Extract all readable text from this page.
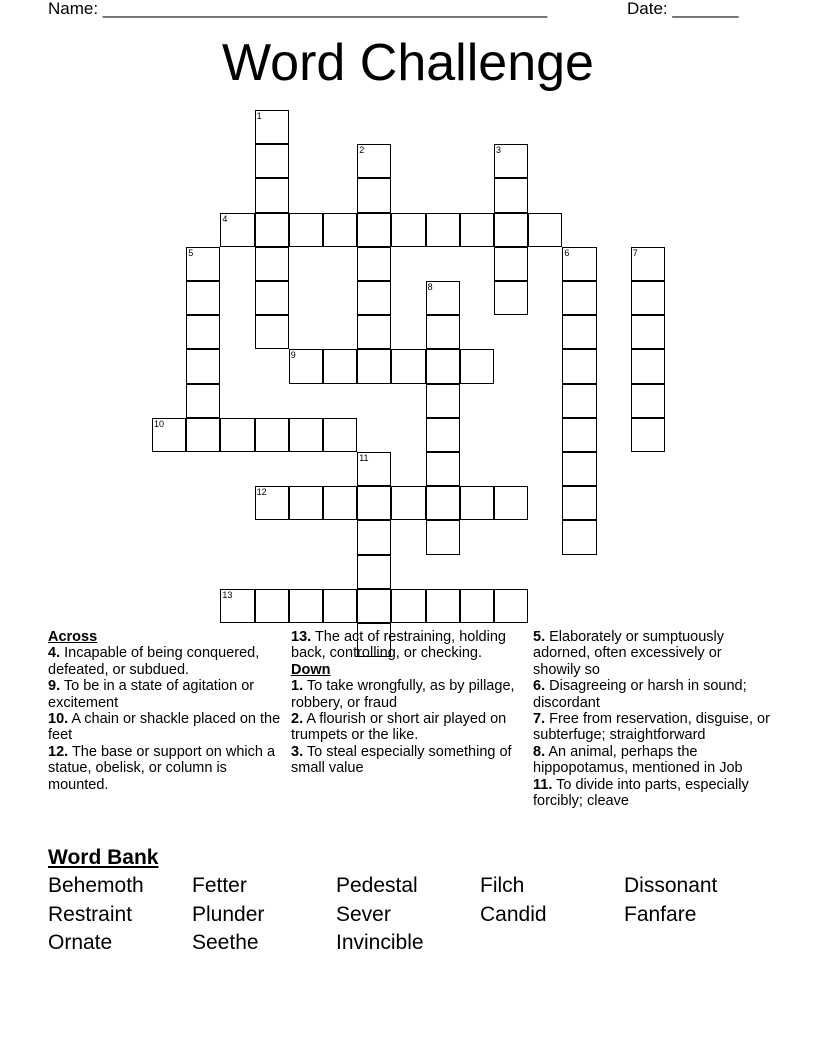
Name: _______________________________________________	Date: _______
Word Challenge
1
2	3
4
5	6	7
8
9
10
11
12
13
Across
4. Incapable of being conquered, defeated, or subdued.
9. To be in a state of agitation or excitement
10. A chain or shackle placed on the feet
12. The base or support on which a statue, obelisk, or column is mounted.
13. The act of restraining, holding back, controlling, or checking.
Down
1. To take wrongfully, as by pillage, robbery, or fraud
2. A flourish or short air played on trumpets or the like.
3. To steal especially something of small value
5. Elaborately or sumptuously adorned, often excessively or showily so
6. Disagreeing or harsh in sound; discordant
7. Free from reservation, disguise, or subterfuge; straightforward
8. An animal, perhaps the hippopotamus, mentioned in Job
11. To divide into parts, especially forcibly; cleave
Word Bank
Behemoth Fetter	Pedestal	Filch	Dissonant
Restraint	Plunder	Sever	Candid	Fanfare
Ornate	Seethe	Invincible
